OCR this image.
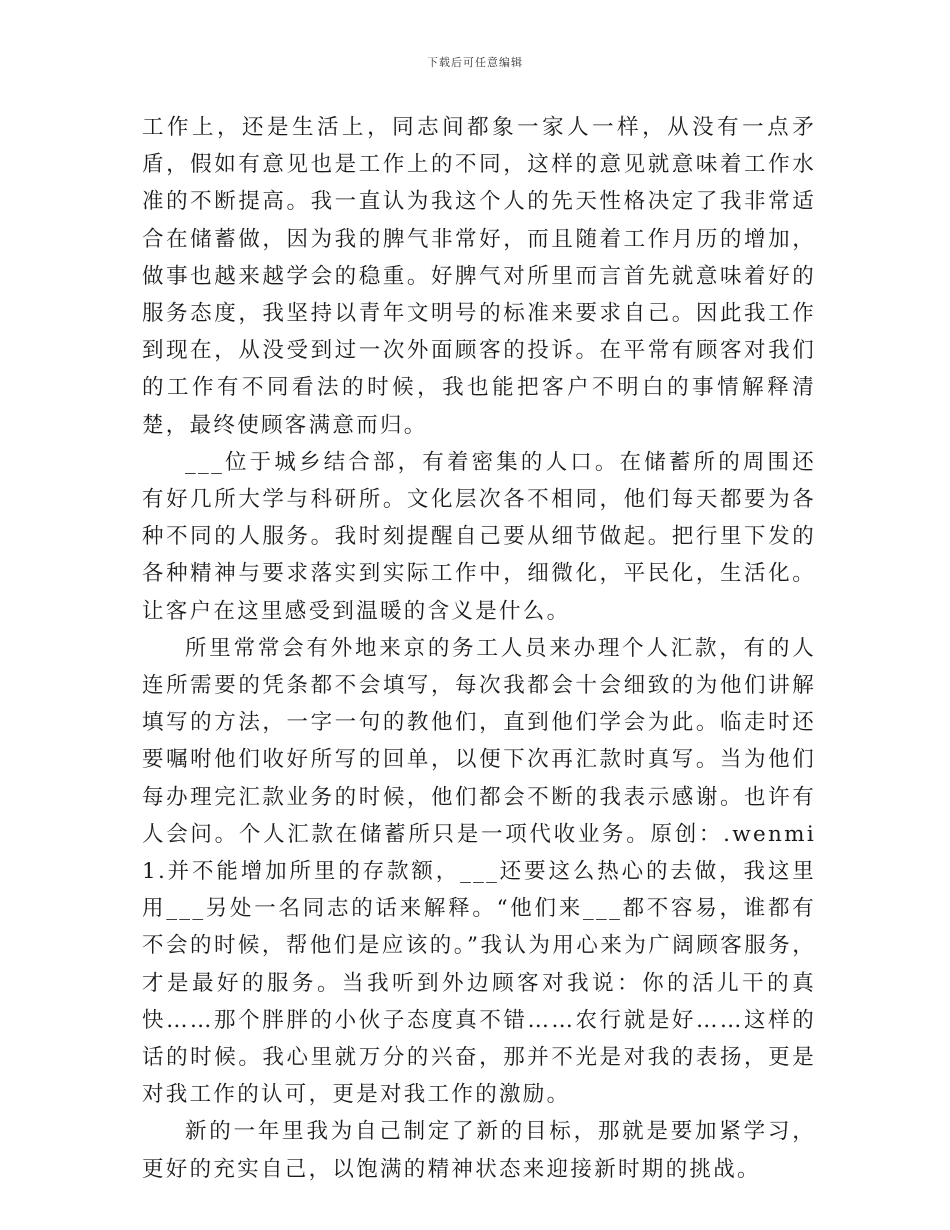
下载后可任意编辑

工作上，还是生活上，同志间都象一家人一样，从没有一点矛盾，假如有意见也是工作上的不同，这样的意见就意味着工作水准的不断提高。我一直认为我这个人的先天性格决定了我非常适合在储蓄做，因为我的脾气非常好，而且随着工作月历的增加，做事也越来越学会的稳重。好脾气对所里而言首先就意味着好的服务态度，我坚持以青年文明号的标准来要求自己。因此我工作到现在，从没受到过一次外面顾客的投诉。在平常有顾客对我们的工作有不同看法的时候，我也能把客户不明白的事情解释清楚，最终使顾客满意而归。

___位于城乡结合部，有着密集的人口。在储蓄所的周围还有好几所大学与科研所。文化层次各不相同，他们每天都要为各种不同的人服务。我时刻提醒自己要从细节做起。把行里下发的各种精神与要求落实到实际工作中，细微化，平民化，生活化。让客户在这里感受到温暖的含义是什么。

所里常常会有外地来京的务工人员来办理个人汇款，有的人连所需要的凭条都不会填写，每次我都会十会细致的为他们讲解填写的方法，一字一句的教他们，直到他们学会为此。临走时还要嘱咐他们收好所写的回单，以便下次再汇款时真写。当为他们每办理完汇款业务的时候，他们都会不断的我表示感谢。也许有人会问。个人汇款在储蓄所只是一项代收业务。原创：.wenmi1.并不能增加所里的存款额，___还要这么热心的去做，我这里用___另处一名同志的话来解释。“他们来___都不容易，谁都有不会的时候，帮他们是应该的。”我认为用心来为广阔顾客服务，才是最好的服务。当我听到外边顾客对我说：你的活儿干的真快……那个胖胖的小伙子态度真不错……农行就是好……这样的话的时候。我心里就万分的兴奋，那并不光是对我的表扬，更是对我工作的认可，更是对我工作的激励。

新的一年里我为自己制定了新的目标，那就是要加紧学习，更好的充实自己，以饱满的精神状态来迎接新时期的挑战。
